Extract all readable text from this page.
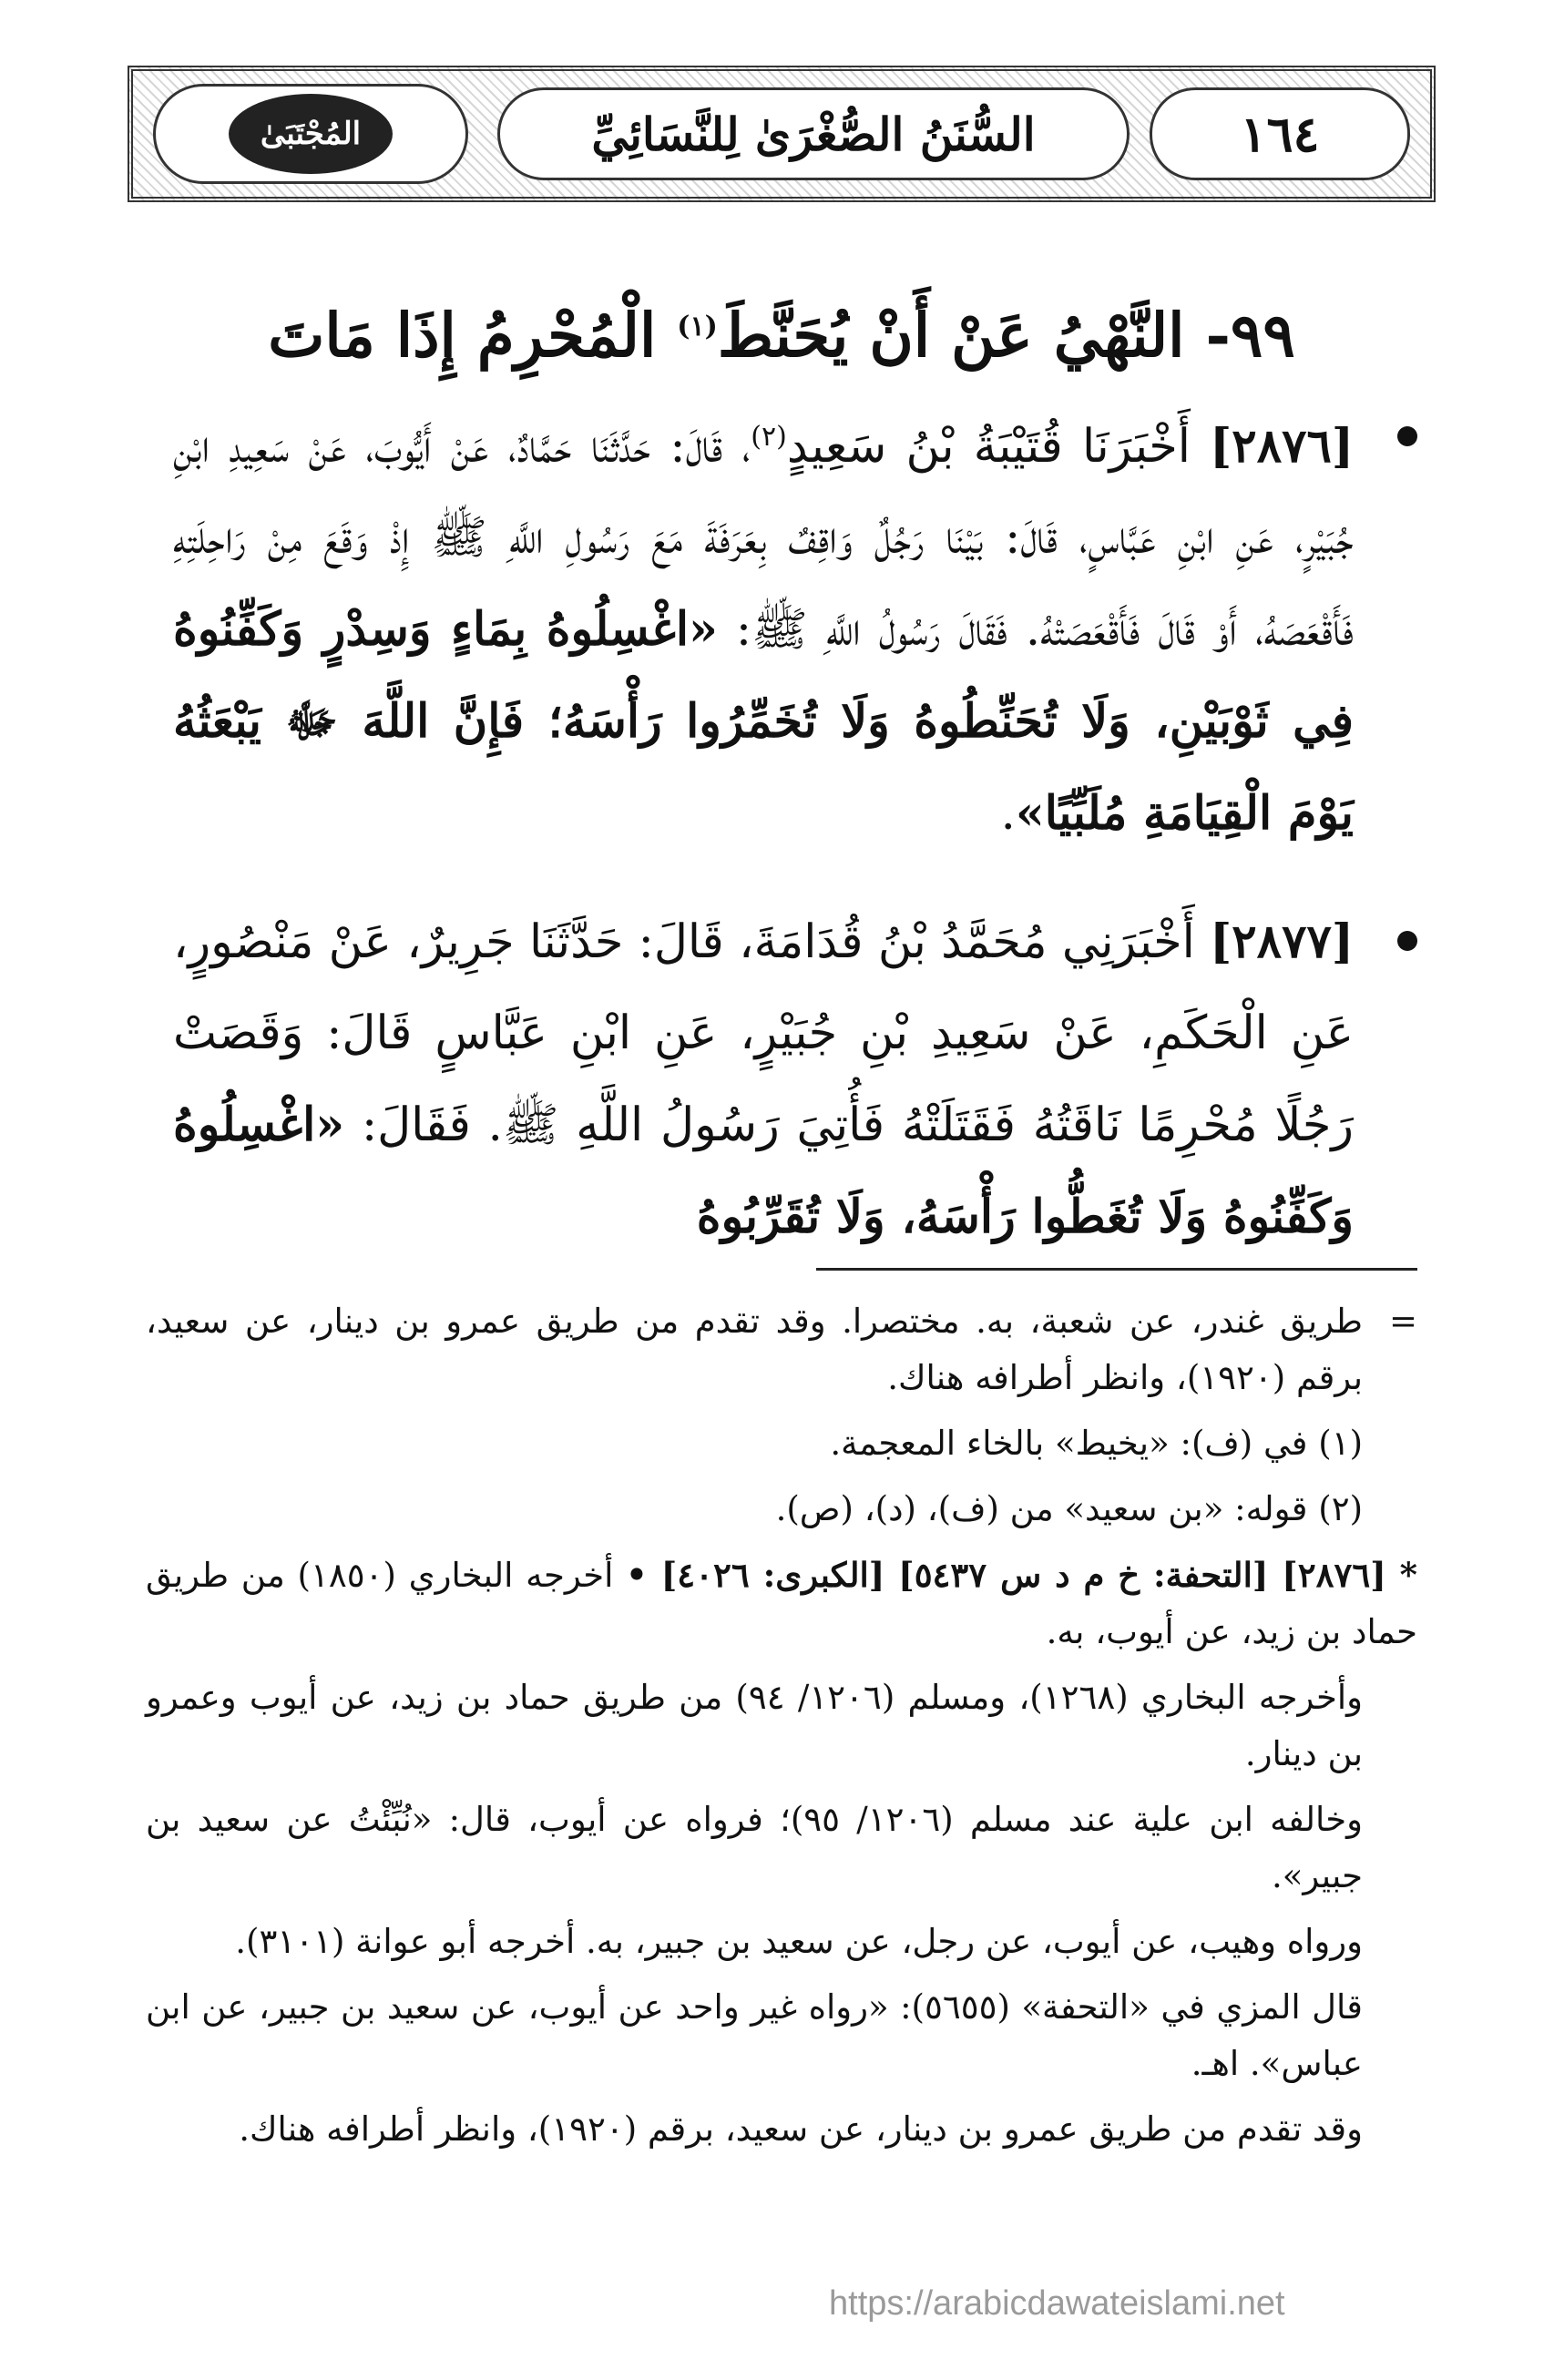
١٦٤
السُّنَنُ الصُّغْرَىٰ لِلنَّسَائِيِّ
المُجْتَبَىٰ
٩٩- النَّهْيُ عَنْ أَنْ يُحَنَّطَ$^{(١)}$ الْمُحْرِمُ إِذَا مَاتَ

[٢٨٧٦] أَخْبَرَنَا قُتَيْبَةُ بْنُ سَعِيدٍ$^{(٢)}$، قَالَ: حَدَّثَنَا حَمَّادٌ، عَنْ أَيُّوبَ، عَنْ سَعِيدِ ابْنِ جُبَيْرٍ، عَنِ ابْنِ عَبَّاسٍ، قَالَ: بَيْنَا رَجُلٌ وَاقِفٌ بِعَرَفَةَ مَعَ رَسُولِ اللَّهِ ﷺ إِذْ وَقَعَ مِنْ رَاحِلَتِهِ فَأَقْعَصَهُ، أَوْ قَالَ فَأَقْعَصَتْهُ. فَقَالَ رَسُولُ اللَّهِ ﷺ: «اغْسِلُوهُ بِمَاءٍ وَسِدْرٍ وَكَفِّنُوهُ فِي ثَوْبَيْنِ، وَلَا تُحَنِّطُوهُ وَلَا تُخَمِّرُوا رَأْسَهُ؛ فَإِنَّ اللَّهَ ﷻ يَبْعَثُهُ يَوْمَ الْقِيَامَةِ مُلَبِّيًا».

[٢٨٧٧] أَخْبَرَنِي مُحَمَّدُ بْنُ قُدَامَةَ، قَالَ: حَدَّثَنَا جَرِيرٌ، عَنْ مَنْصُورٍ، عَنِ الْحَكَمِ، عَنْ سَعِيدِ بْنِ جُبَيْرٍ، عَنِ ابْنِ عَبَّاسٍ قَالَ: وَقَصَتْ رَجُلًا مُحْرِمًا نَاقَتُهُ فَقَتَلَتْهُ فَأُتِيَ رَسُولُ اللَّهِ ﷺ. فَقَالَ: «اغْسِلُوهُ وَكَفِّنُوهُ وَلَا تُغَطُّوا رَأْسَهُ، وَلَا تُقَرِّبُوهُ

=
طريق غندر، عن شعبة، به. مختصرا. وقد تقدم من طريق عمرو بن دينار، عن سعيد، برقم (١٩٢٠)، وانظر أطرافه هناك.

(١) في (ف): «يخيط» بالخاء المعجمة.

(٢) قوله: «بن سعيد» من (ف)، (د)، (ص).

* [٢٨٧٦] [التحفة: خ م د س ٥٤٣٧] [الكبرى: ٤٠٢٦] • أخرجه البخاري (١٨٥٠) من طريق حماد بن زيد، عن أيوب، به.

وأخرجه البخاري (١٢٦٨)، ومسلم (١٢٠٦/ ٩٤) من طريق حماد بن زيد، عن أيوب وعمرو بن دينار.

وخالفه ابن علية عند مسلم (١٢٠٦/ ٩٥)؛ فرواه عن أيوب، قال: «نُبِّئْتُ عن سعيد بن جبير».

ورواه وهيب، عن أيوب، عن رجل، عن سعيد بن جبير، به. أخرجه أبو عوانة (٣١٠١).

قال المزي في «التحفة» (٥٦٥٥): «رواه غير واحد عن أيوب، عن سعيد بن جبير، عن ابن عباس». اهـ.

وقد تقدم من طريق عمرو بن دينار، عن سعيد، برقم (١٩٢٠)، وانظر أطرافه هناك.

https://arabicdawateislami.net
